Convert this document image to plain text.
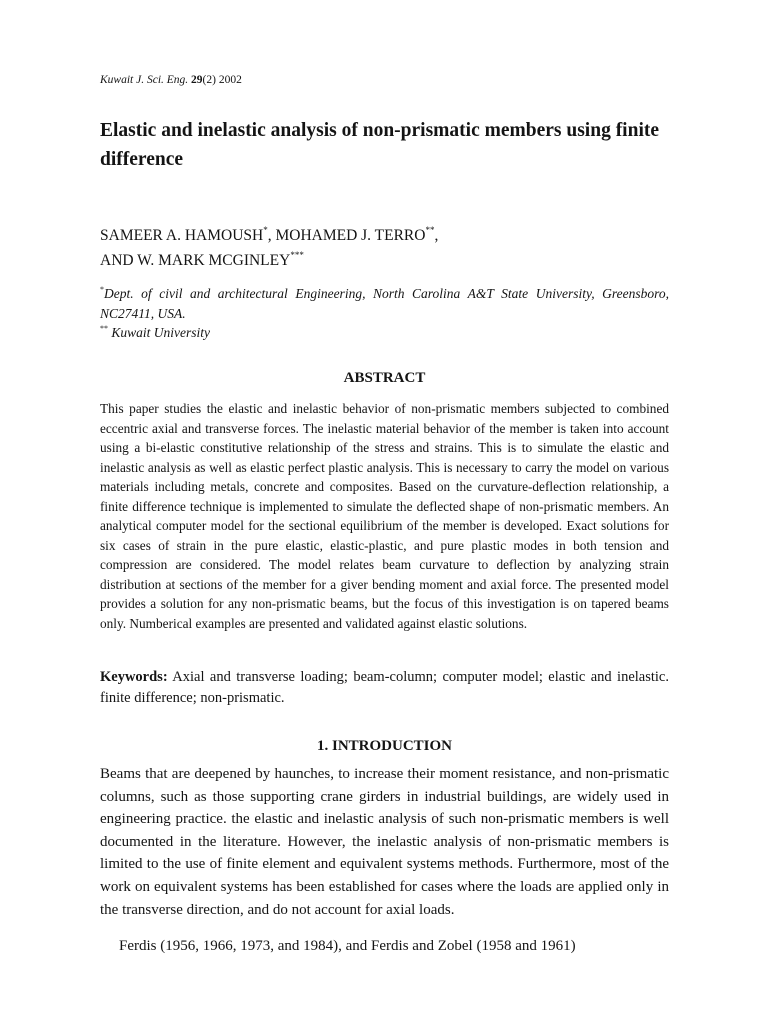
Kuwait J. Sci. Eng. 29(2) 2002
Elastic and inelastic analysis of non-prismatic members using finite difference
SAMEER A. HAMOUSH*, MOHAMED J. TERRO**,
AND W. MARK MCGINLEY***
*Dept. of civil and architectural Engineering, North Carolina A&T State University, Greensboro, NC27411, USA.
** Kuwait University
ABSTRACT

This paper studies the elastic and inelastic behavior of non-prismatic members subjected to combined eccentric axial and transverse forces. The inelastic material behavior of the member is taken into account using a bi-elastic constitutive relationship of the stress and strains. This is to simulate the elastic and inelastic analysis as well as elastic perfect plastic analysis. This is necessary to carry the model on various materials including metals, concrete and composites. Based on the curvature-deflection relationship, a finite difference technique is implemented to simulate the deflected shape of non-prismatic members. An analytical computer model for the sectional equilibrium of the member is developed. Exact solutions for six cases of strain in the pure elastic, elastic-plastic, and pure plastic modes in both tension and compression are considered. The model relates beam curvature to deflection by analyzing strain distribution at sections of the member for a giver bending moment and axial force. The presented model provides a solution for any non-prismatic beams, but the focus of this investigation is on tapered beams only. Numberical examples are presented and validated against elastic solutions.

Keywords: Axial and transverse loading; beam-column; computer model; elastic and inelastic. finite difference; non-prismatic.

1. INTRODUCTION

Beams that are deepened by haunches, to increase their moment resistance, and non-prismatic columns, such as those supporting crane girders in industrial buildings, are widely used in engineering practice. the elastic and inelastic analysis of such non-prismatic members is well documented in the literature. However, the inelastic analysis of non-prismatic members is limited to the use of finite element and equivalent systems methods. Furthermore, most of the work on equivalent systems has been established for cases where the loads are applied only in the transverse direction, and do not account for axial loads.

Ferdis (1956, 1966, 1973, and 1984), and Ferdis and Zobel (1958 and 1961)
